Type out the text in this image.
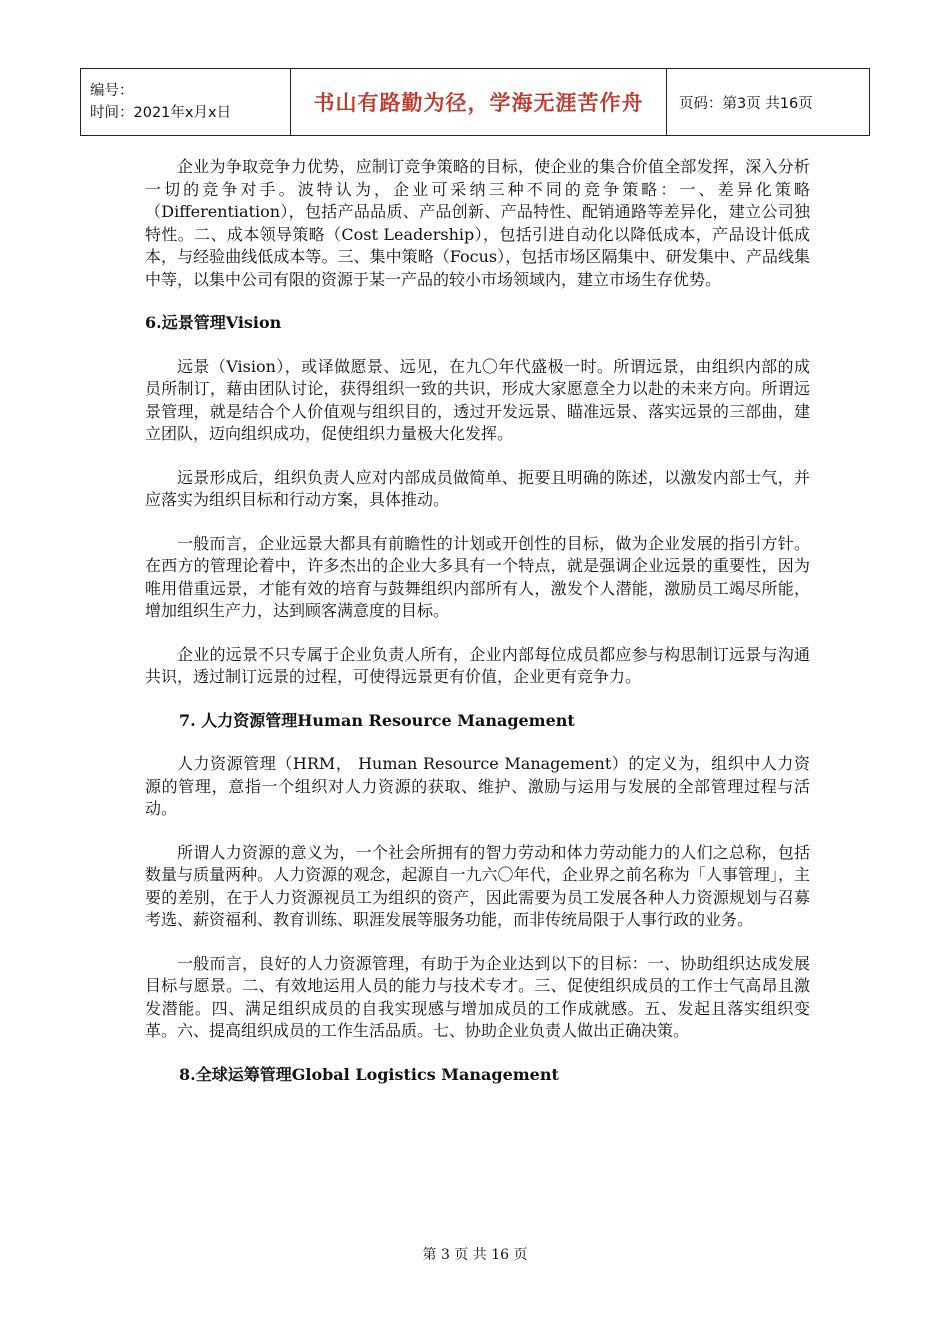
编号：
时间：2021年x月x日	书山有路勤为径，学海无涯苦作舟	页码：第3页 共16页

企业为争取竞争力优势，应制订竞争策略的目标，使企业的集合价值全部发挥，深入分析一切的竞争对手。波特认为，企业可采纳三种不同的竞争策略：一、差异化策略（Differentiation），包括产品品质、产品创新、产品特性、配销通路等差异化，建立公司独特性。二、成本领导策略（Cost Leadership），包括引进自动化以降低成本，产品设计低成本，与经验曲线低成本等。三、集中策略（Focus），包括市场区隔集中、研发集中、产品线集中等，以集中公司有限的资源于某一产品的较小市场领域内，建立市场生存优势。

6.远景管理Vision

远景（Vision），或译做愿景、远见，在九〇年代盛极一时。所谓远景，由组织内部的成员所制订，藉由团队讨论，获得组织一致的共识，形成大家愿意全力以赴的未来方向。所谓远景管理，就是结合个人价值观与组织目的，透过开发远景、瞄准远景、落实远景的三部曲，建立团队，迈向组织成功，促使组织力量极大化发挥。

远景形成后，组织负责人应对内部成员做简单、扼要且明确的陈述，以激发内部士气，并应落实为组织目标和行动方案，具体推动。

一般而言，企业远景大都具有前瞻性的计划或开创性的目标，做为企业发展的指引方针。在西方的管理论着中，许多杰出的企业大多具有一个特点，就是强调企业远景的重要性，因为唯用借重远景，才能有效的培育与鼓舞组织内部所有人，激发个人潜能，激励员工竭尽所能，增加组织生产力，达到顾客满意度的目标。

企业的远景不只专属于企业负责人所有，企业内部每位成员都应参与构思制订远景与沟通共识，透过制订远景的过程，可使得远景更有价值，企业更有竞争力。

7. 人力资源管理Human Resource Management

人力资源管理（HRM， Human Resource Management）的定义为，组织中人力资源的管理，意指一个组织对人力资源的获取、维护、激励与运用与发展的全部管理过程与活动。

所谓人力资源的意义为，一个社会所拥有的智力劳动和体力劳动能力的人们之总称，包括数量与质量两种。人力资源的观念，起源自一九六〇年代，企业界之前名称为「人事管理」，主要的差别，在于人力资源视员工为组织的资产，因此需要为员工发展各种人力资源规划与召募考选、薪资福利、教育训练、职涯发展等服务功能，而非传统局限于人事行政的业务。

一般而言，良好的人力资源管理，有助于为企业达到以下的目标：一、协助组织达成发展目标与愿景。二、有效地运用人员的能力与技术专才。三、促使组织成员的工作士气高昂且激发潜能。四、满足组织成员的自我实现感与增加成员的工作成就感。五、发起且落实组织变革。六、提高组织成员的工作生活品质。七、协助企业负责人做出正确决策。

8.全球运筹管理Global Logistics Management

第 3 页 共 16 页
